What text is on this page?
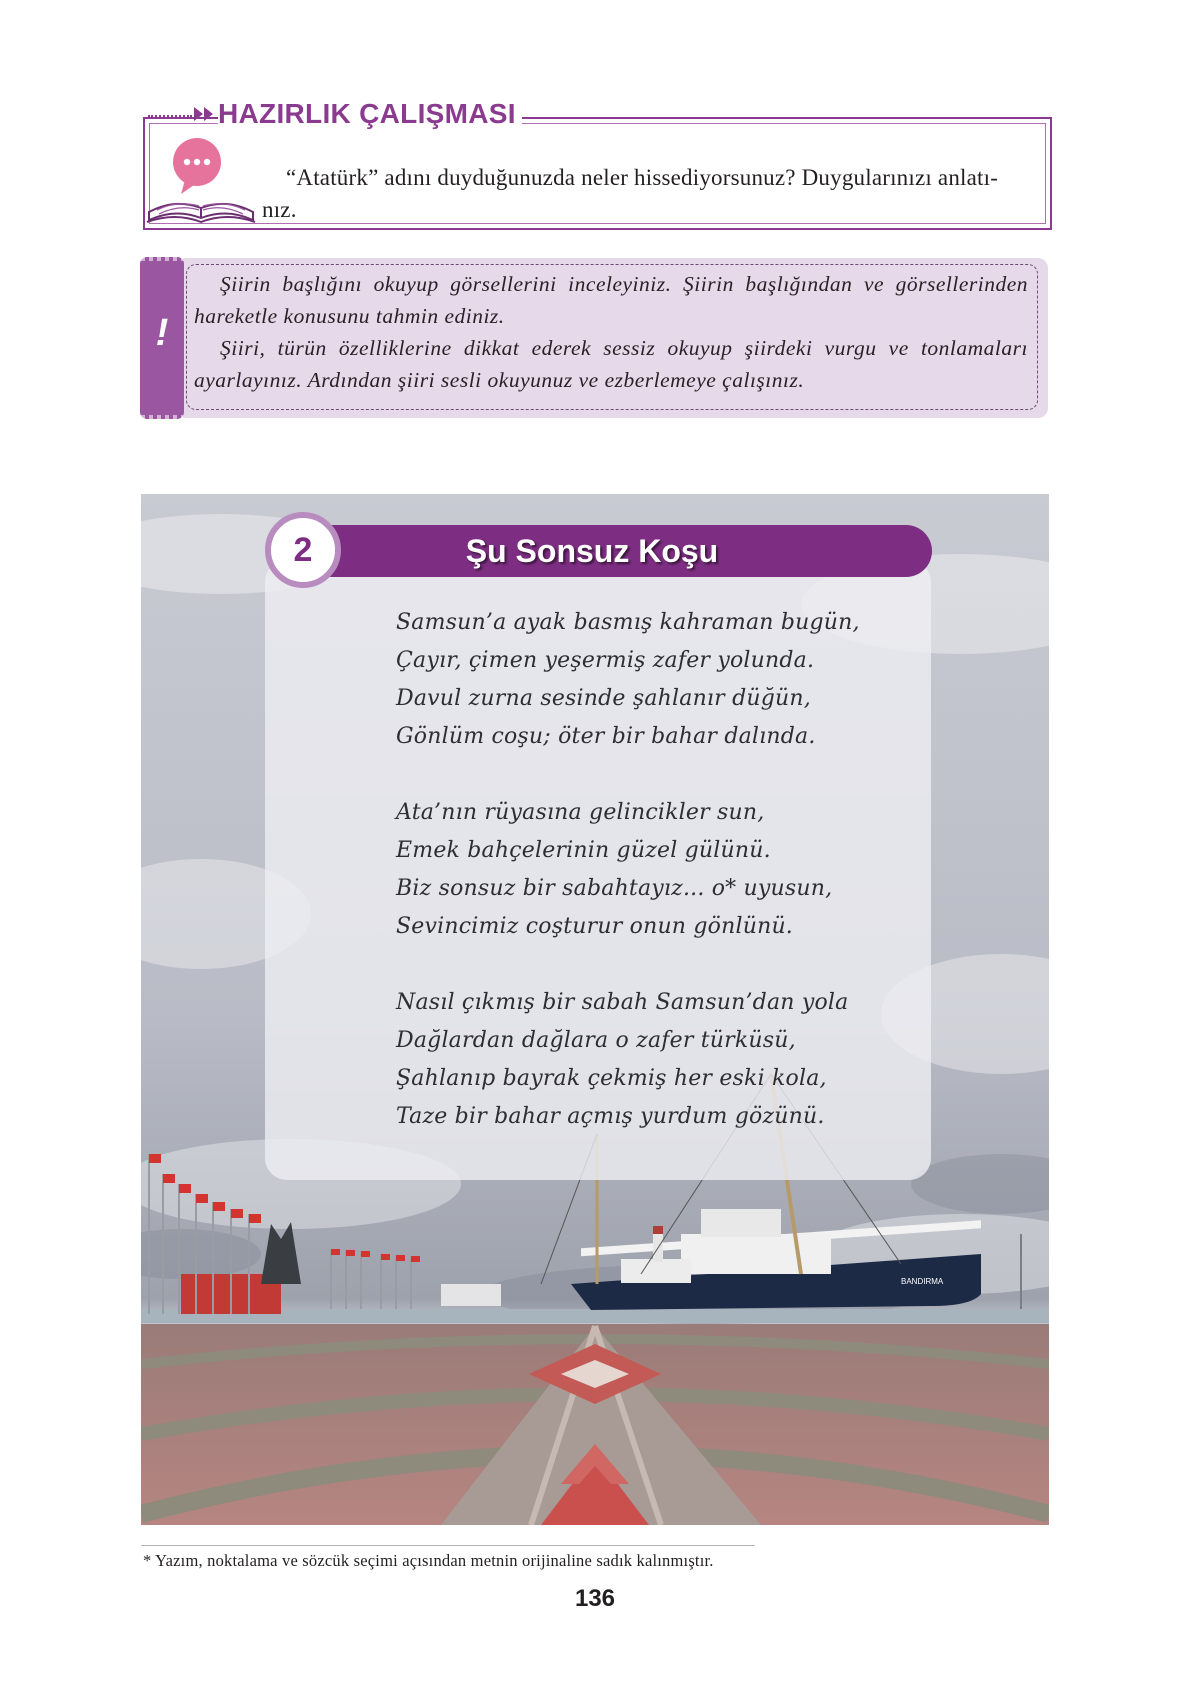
HAZIRLIK ÇALIŞMASI
“Atatürk” adını duyduğunuzda neler hissediyorsunuz? Duygularınızı anlatı-
nız.
!

Şiirin başlığını okuyup görsellerini inceleyiniz. Şiirin başlığından ve görsellerinden hareketle konusunu tahmin ediniz.

Şiiri, türün özelliklerine dikkat ederek sessiz okuyup şiirdeki vurgu ve tonlamaları ayarlayınız. Ardından şiiri sesli okuyunuz ve ezberlemeye çalışınız.

BANDIRMA
Şu Sonsuz Koşu
2
Samsun’a ayak basmış kahraman bugün,
Çayır, çimen yeşermiş zafer yolunda.
Davul zurna sesinde şahlanır düğün,
Gönlüm coşu; öter bir bahar dalında.
Ata’nın rüyasına gelincikler sun,
Emek bahçelerinin güzel gülünü.
Biz sonsuz bir sabahtayız... o* uyusun,
Sevincimiz coşturur onun gönlünü.
Nasıl çıkmış bir sabah Samsun’dan yola
Dağlardan dağlara o zafer türküsü,
Şahlanıp bayrak çekmiş her eski kola,
Taze bir bahar açmış yurdum gözünü.
* Yazım, noktalama ve sözcük seçimi açısından metnin orijinaline sadık kalınmıştır.
136
